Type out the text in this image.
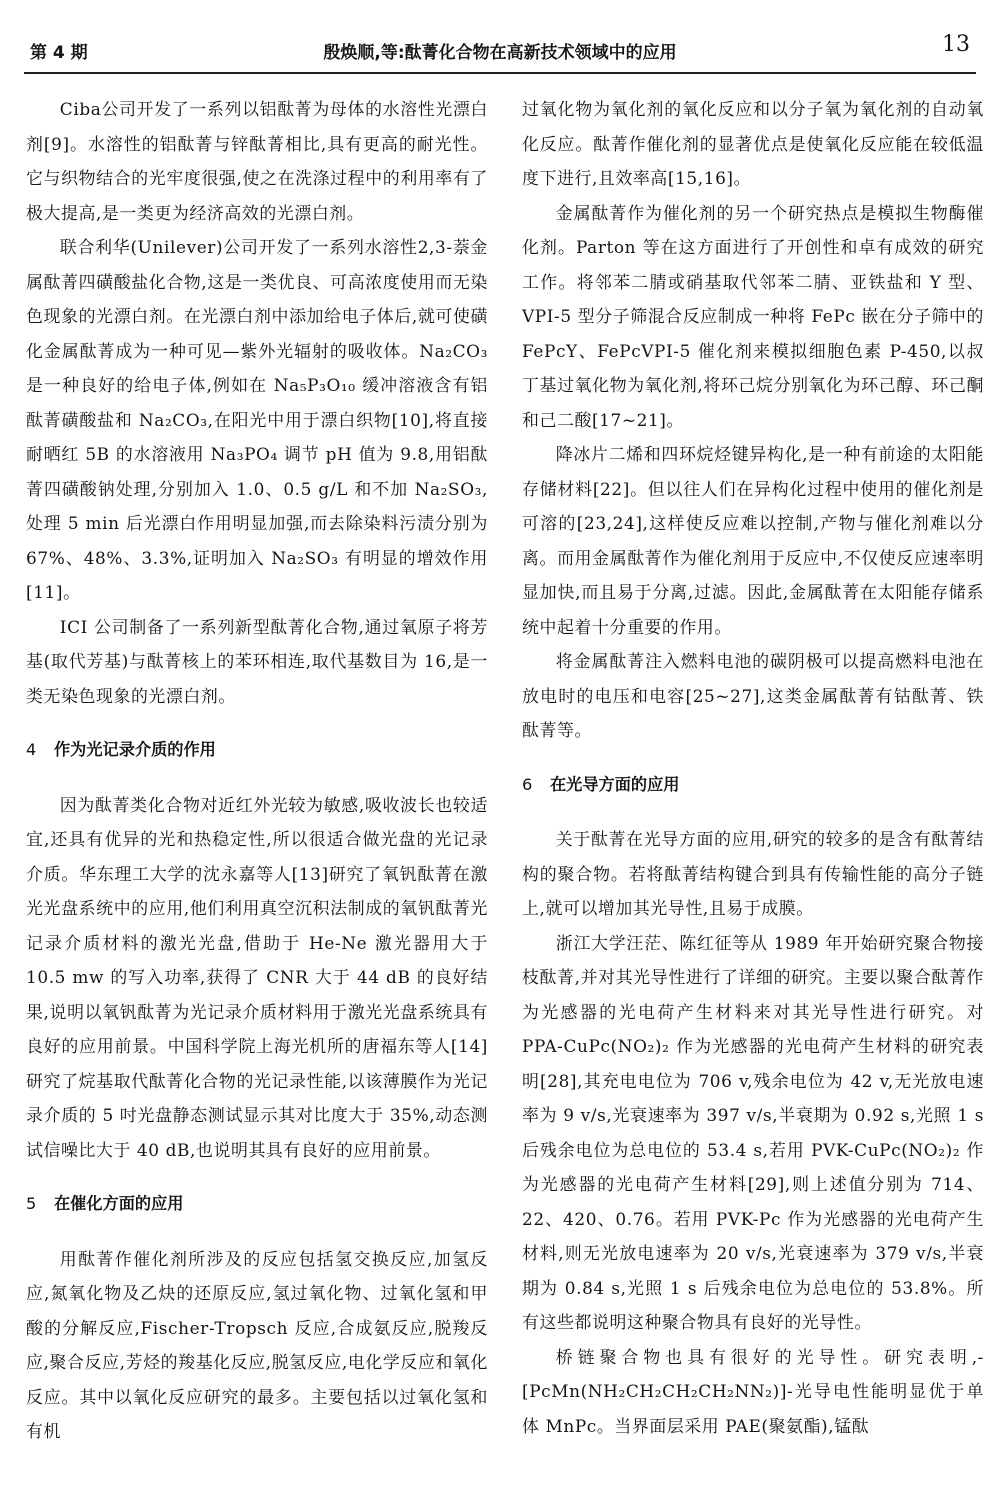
第 4 期	殷焕顺,等:酞菁化合物在高新技术领域中的应用	13

Ciba公司开发了一系列以铝酞菁为母体的水溶性光漂白剂[9]。水溶性的铝酞菁与锌酞菁相比,具有更高的耐光性。它与织物结合的光牢度很强,使之在洗涤过程中的利用率有了极大提高,是一类更为经济高效的光漂白剂。

联合利华(Unilever)公司开发了一系列水溶性2,3-萘金属酞菁四磺酸盐化合物,这是一类优良、可高浓度使用而无染色现象的光漂白剂。在光漂白剂中添加给电子体后,就可使磺化金属酞菁成为一种可见—紫外光辐射的吸收体。Na₂CO₃ 是一种良好的给电子体,例如在 Na₅P₃O₁₀ 缓冲溶液含有铝酞菁磺酸盐和 Na₂CO₃,在阳光中用于漂白织物[10],将直接耐晒红 5B 的水溶液用 Na₃PO₄ 调节 pH 值为 9.8,用铝酞菁四磺酸钠处理,分别加入 1.0、0.5 g/L 和不加 Na₂SO₃,处理 5 min 后光漂白作用明显加强,而去除染料污渍分别为 67%、48%、3.3%,证明加入 Na₂SO₃ 有明显的增效作用[11]。

ICI 公司制备了一系列新型酞菁化合物,通过氧原子将芳基(取代芳基)与酞菁核上的苯环相连,取代基数目为 16,是一类无染色现象的光漂白剂。

4 作为光记录介质的作用

因为酞菁类化合物对近红外光较为敏感,吸收波长也较适宜,还具有优异的光和热稳定性,所以很适合做光盘的光记录介质。华东理工大学的沈永嘉等人[13]研究了氧钒酞菁在激光光盘系统中的应用,他们利用真空沉积法制成的氧钒酞菁光记录介质材料的激光光盘,借助于 He-Ne 激光器用大于 10.5 mw 的写入功率,获得了 CNR 大于 44 dB 的良好结果,说明以氧钒酞菁为光记录介质材料用于激光光盘系统具有良好的应用前景。中国科学院上海光机所的唐福东等人[14]研究了烷基取代酞菁化合物的光记录性能,以该薄膜作为光记录介质的 5 吋光盘静态测试显示其对比度大于 35%,动态测试信噪比大于 40 dB,也说明其具有良好的应用前景。

5 在催化方面的应用

用酞菁作催化剂所涉及的反应包括氢交换反应,加氢反应,氮氧化物及乙炔的还原反应,氢过氧化物、过氧化氢和甲酸的分解反应,Fischer-Tropsch 反应,合成氨反应,脱羧反应,聚合反应,芳烃的羧基化反应,脱氢反应,电化学反应和氧化反应。其中以氧化反应研究的最多。主要包括以过氧化氢和有机

过氧化物为氧化剂的氧化反应和以分子氧为氧化剂的自动氧化反应。酞菁作催化剂的显著优点是使氧化反应能在较低温度下进行,且效率高[15,16]。

金属酞菁作为催化剂的另一个研究热点是模拟生物酶催化剂。Parton 等在这方面进行了开创性和卓有成效的研究工作。将邻苯二腈或硝基取代邻苯二腈、亚铁盐和 Y 型、VPI-5 型分子筛混合反应制成一种将 FePc 嵌在分子筛中的 FePcY、FePcVPI-5 催化剂来模拟细胞色素 P-450,以叔丁基过氧化物为氧化剂,将环己烷分别氧化为环己醇、环己酮和己二酸[17~21]。

降冰片二烯和四环烷烃键异构化,是一种有前途的太阳能存储材料[22]。但以往人们在异构化过程中使用的催化剂是可溶的[23,24],这样使反应难以控制,产物与催化剂难以分离。而用金属酞菁作为催化剂用于反应中,不仅使反应速率明显加快,而且易于分离,过滤。因此,金属酞菁在太阳能存储系统中起着十分重要的作用。

将金属酞菁注入燃料电池的碳阴极可以提高燃料电池在放电时的电压和电容[25~27],这类金属酞菁有钴酞菁、铁酞菁等。

6 在光导方面的应用

关于酞菁在光导方面的应用,研究的较多的是含有酞菁结构的聚合物。若将酞菁结构键合到具有传输性能的高分子链上,就可以增加其光导性,且易于成膜。

浙江大学汪茫、陈红征等从 1989 年开始研究聚合物接枝酞菁,并对其光导性进行了详细的研究。主要以聚合酞菁作为光感器的光电荷产生材料来对其光导性进行研究。对 PPA-CuPc(NO₂)₂ 作为光感器的光电荷产生材料的研究表明[28],其充电电位为 706 v,残余电位为 42 v,无光放电速率为 9 v/s,光衰速率为 397 v/s,半衰期为 0.92 s,光照 1 s 后残余电位为总电位的 53.4 s,若用 PVK-CuPc(NO₂)₂ 作为光感器的光电荷产生材料[29],则上述值分别为 714、22、420、0.76。若用 PVK-Pc 作为光感器的光电荷产生材料,则无光放电速率为 20 v/s,光衰速率为 379 v/s,半衰期为 0.84 s,光照 1 s 后残余电位为总电位的 53.8%。所有这些都说明这种聚合物具有良好的光导性。

桥链聚合物也具有很好的光导性。研究表明,-[PcMn(NH₂CH₂CH₂CH₂NN₂)]-光导电性能明显优于单体 MnPc。当界面层采用 PAE(聚氨酯),锰酞
